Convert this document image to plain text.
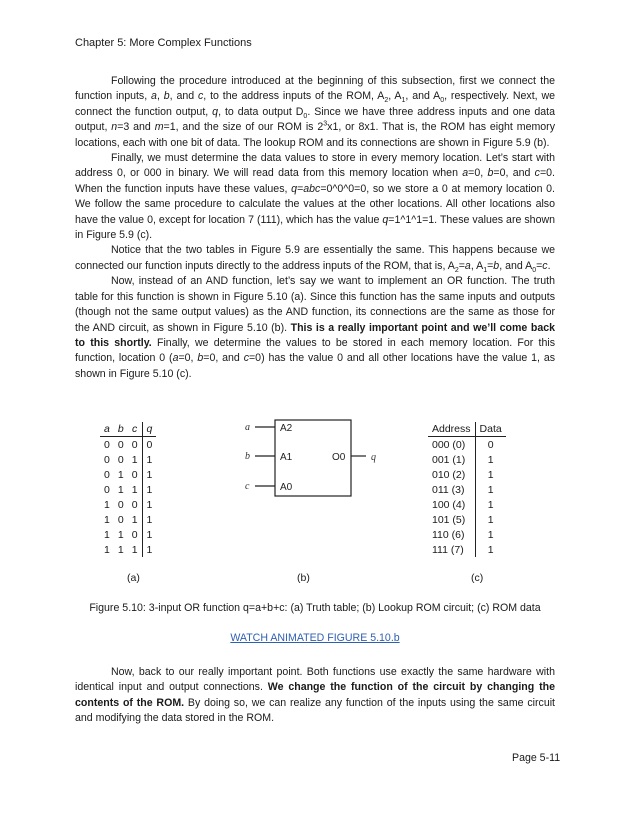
Chapter 5: More Complex Functions

Following the procedure introduced at the beginning of this subsection, first we connect the function inputs, a, b, and c, to the address inputs of the ROM, $A_2$, $A_1$, and $A_0$, respectively. Next, we connect the function output, q, to data output $D_0$. Since we have three address inputs and one data output, n=3 and m=1, and the size of our ROM is $2^3x1$, or 8x1. That is, the ROM has eight memory locations, each with one bit of data. The lookup ROM and its connections are shown in Figure 5.9 (b).

Finally, we must determine the data values to store in every memory location. Let’s start with address 0, or 000 in binary. We will read data from this memory location when a=0, b=0, and c=0. When the function inputs have these values, q=abc=0^0^0=0, so we store a 0 at memory location 0. We follow the same procedure to calculate the values at the other locations. All other locations also have the value 0, except for location 7 (111), which has the value q=1^1^1=1. These values are shown in Figure 5.9 (c).

Notice that the two tables in Figure 5.9 are essentially the same. This happens because we connected our function inputs directly to the address inputs of the ROM, that is, $A_2=a$, $A_1=b$, and $A_0=c$.

Now, instead of an AND function, let’s say we want to implement an OR function. The truth table for this function is shown in Figure 5.10 (a). Since this function has the same inputs and outputs (though not the same output values) as the AND function, its connections are the same as those for the AND circuit, as shown in Figure 5.10 (b). This is a really important point and we’ll come back to this shortly. Finally, we determine the values to be stored in each memory location. For this function, location 0 (a=0, b=0, and c=0) has the value 0 and all other locations have the value 1, as shown in Figure 5.10 (c).

a	b	c	q
0	0	0	0
0	0	1	1
0	1	0	1
0	1	1	1
1	0	0	1
1	0	1	1
1	1	0	1
1	1	1	1
a
b
c
A2
A1
A0
O0	q
Address	Data
000 (0)	0
001 (1)	1
010 (2)	1
011 (3)	1
100 (4)	1
101 (5)	1
110 (6)	1
111 (7)	1
(a)	(b)	(c)
Figure 5.10: 3-input OR function q=a+b+c: (a) Truth table; (b) Lookup ROM circuit; (c) ROM data
WATCH ANIMATED FIGURE 5.10.b

Now, back to our really important point. Both functions use exactly the same hardware with identical input and output connections. We change the function of the circuit by changing the contents of the ROM. By doing so, we can realize any function of the inputs using the same circuit and modifying the data stored in the ROM.

Page 5-11
